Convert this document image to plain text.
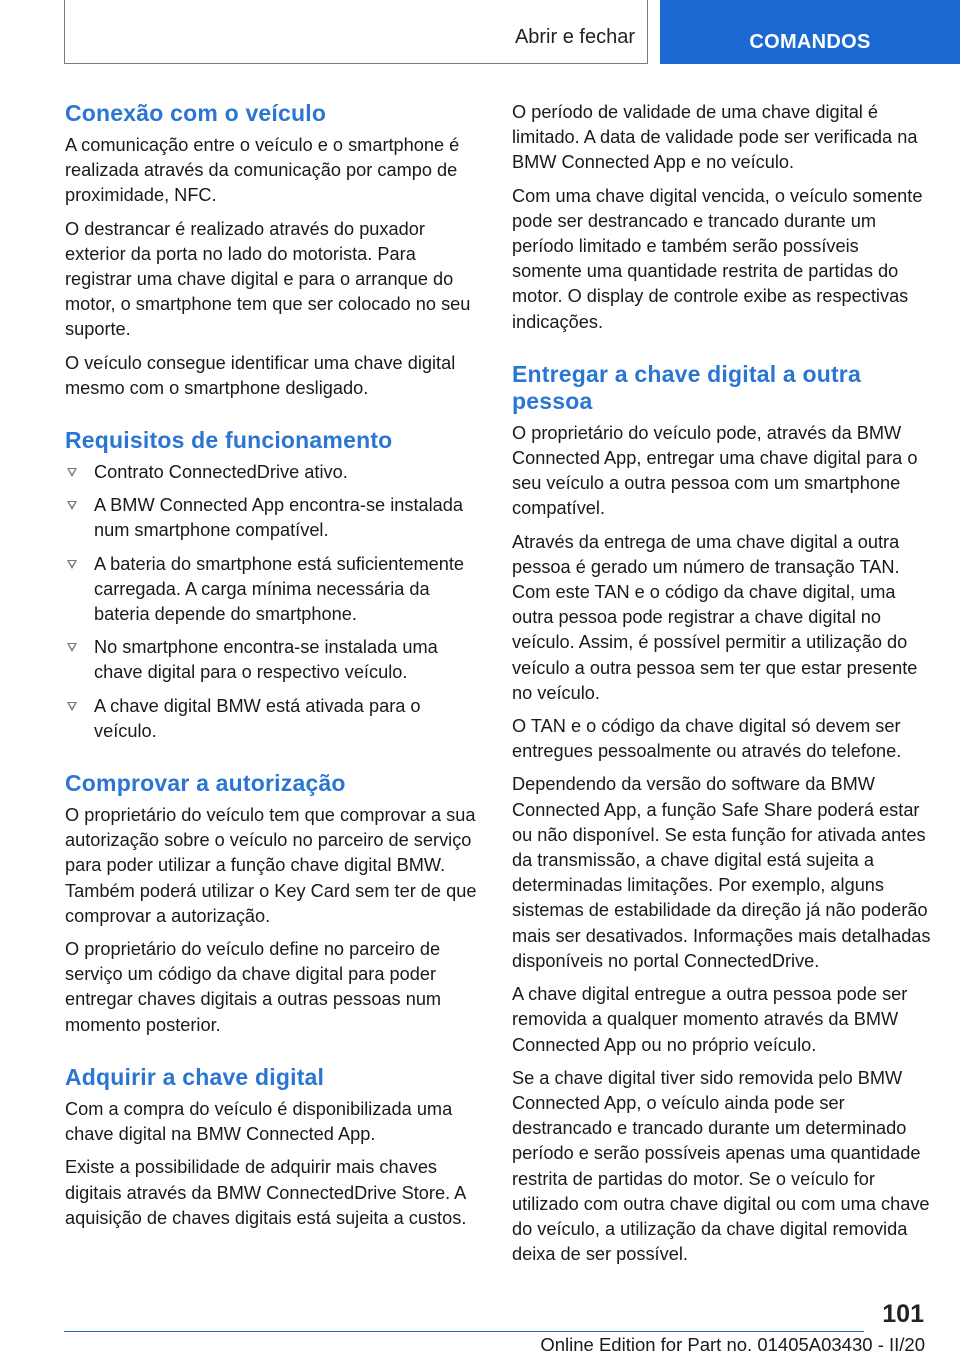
Abrir e fechar	COMANDOS
Conexão com o veículo

A comunicação entre o veículo e o smartphone é realizada através da comunicação por campo de proximidade, NFC.

O destrancar é realizado através do puxador exterior da porta no lado do motorista. Para registrar uma chave digital e para o arranque do motor, o smartphone tem que ser colocado no seu suporte.

O veículo consegue identificar uma chave digital mesmo com o smartphone desligado.

Requisitos de funcionamento
Contrato ConnectedDrive ativo.
A BMW Connected App encontra-se instalada num smartphone compatível.
A bateria do smartphone está suficientemente carregada. A carga mínima necessária da bateria depende do smartphone.
No smartphone encontra-se instalada uma chave digital para o respectivo veículo.
A chave digital BMW está ativada para o veículo.
Comprovar a autorização

O proprietário do veículo tem que comprovar a sua autorização sobre o veículo no parceiro de serviço para poder utilizar a função chave digital BMW. Também poderá utilizar o Key Card sem ter de que comprovar a autorização.

O proprietário do veículo define no parceiro de serviço um código da chave digital para poder entregar chaves digitais a outras pessoas num momento posterior.

Adquirir a chave digital

Com a compra do veículo é disponibilizada uma chave digital na BMW Connected App.

Existe a possibilidade de adquirir mais chaves digitais através da BMW ConnectedDrive Store. A aquisição de chaves digitais está sujeita a custos.

O período de validade de uma chave digital é limitado. A data de validade pode ser verificada na BMW Connected App e no veículo.

Com uma chave digital vencida, o veículo somente pode ser destrancado e trancado durante um período limitado e também serão possíveis somente uma quantidade restrita de partidas do motor. O display de controle exibe as respectivas indicações.

Entregar a chave digital a outra pessoa

O proprietário do veículo pode, através da BMW Connected App, entregar uma chave digital para o seu veículo a outra pessoa com um smartphone compatível.

Através da entrega de uma chave digital a outra pessoa é gerado um número de transação TAN. Com este TAN e o código da chave digital, uma outra pessoa pode registrar a chave digital no veículo. Assim, é possível permitir a utilização do veículo a outra pessoa sem ter que estar presente no veículo.

O TAN e o código da chave digital só devem ser entregues pessoalmente ou através do telefone.

Dependendo da versão do software da BMW Connected App, a função Safe Share poderá estar ou não disponível. Se esta função for ativada antes da transmissão, a chave digital está sujeita a determinadas limitações. Por exemplo, alguns sistemas de estabilidade da direção já não poderão mais ser desativados. Informações mais detalhadas disponíveis no portal ConnectedDrive.

A chave digital entregue a outra pessoa pode ser removida a qualquer momento através da BMW Connected App ou no próprio veículo.

Se a chave digital tiver sido removida pelo BMW Connected App, o veículo ainda pode ser destrancado e trancado durante um determinado período e serão possíveis apenas uma quantidade restrita de partidas do motor. Se o veículo for utilizado com outra chave digital ou com uma chave do veículo, a utilização da chave digital removida deixa de ser possível.

101
Online Edition for Part no. 01405A03430 - II/20
